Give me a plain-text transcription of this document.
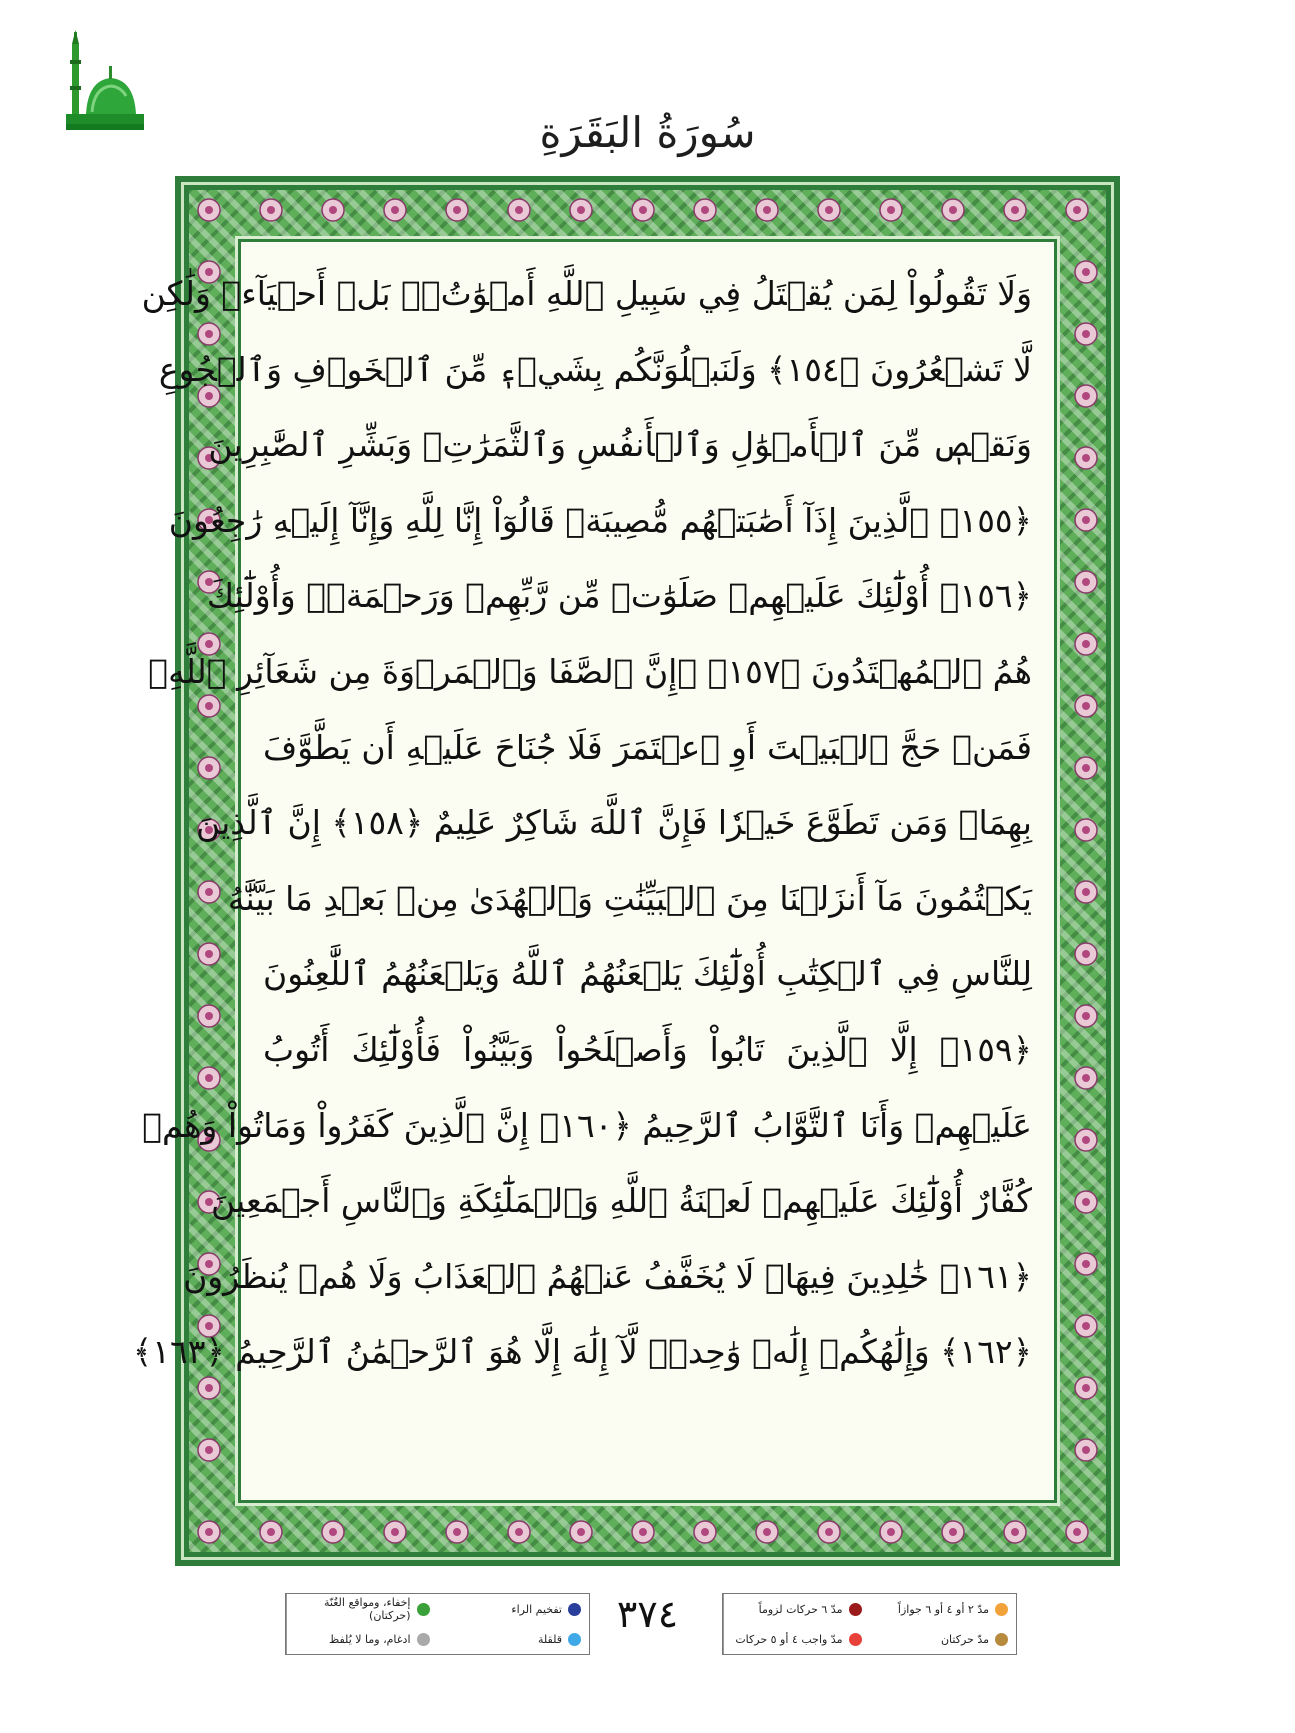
سُورَةُ البَقَرَةِ
وَلَا تَقُولُواْ لِمَن يُقۡتَلُ فِي سَبِيلِ ٱللَّهِ أَمۡوَٰتُۢۚ بَلۡ أَحۡيَآءٞ وَلَٰكِن
لَّا تَشۡعُرُونَ ﴿١٥٤﴾ وَلَنَبۡلُوَنَّكُم بِشَيۡءٖ مِّنَ ٱلۡخَوۡفِ وَٱلۡجُوعِ
وَنَقۡصٖ مِّنَ ٱلۡأَمۡوَٰلِ وَٱلۡأَنفُسِ وَٱلثَّمَرَٰتِۗ وَبَشِّرِ ٱلصَّٰبِرِينَ
﴿١٥٥﴾ ٱلَّذِينَ إِذَآ أَصَٰبَتۡهُم مُّصِيبَةٞ قَالُوٓاْ إِنَّا لِلَّهِ وَإِنَّآ إِلَيۡهِ رَٰجِعُونَ
﴿١٥٦﴾ أُوْلَٰٓئِكَ عَلَيۡهِمۡ صَلَوَٰتٞ مِّن رَّبِّهِمۡ وَرَحۡمَةٞۖ وَأُوْلَٰٓئِكَ
هُمُ ٱلۡمُهۡتَدُونَ ﴿١٥٧﴾ ۞إِنَّ ٱلصَّفَا وَٱلۡمَرۡوَةَ مِن شَعَآئِرِ ٱللَّهِۖ
فَمَنۡ حَجَّ ٱلۡبَيۡتَ أَوِ ٱعۡتَمَرَ فَلَا جُنَاحَ عَلَيۡهِ أَن يَطَّوَّفَ
بِهِمَاۚ وَمَن تَطَوَّعَ خَيۡرٗا فَإِنَّ ٱللَّهَ شَاكِرٌ عَلِيمٌ ﴿١٥٨﴾ إِنَّ ٱلَّذِينَ
يَكۡتُمُونَ مَآ أَنزَلۡنَا مِنَ ٱلۡبَيِّنَٰتِ وَٱلۡهُدَىٰ مِنۢ بَعۡدِ مَا بَيَّنَّٰهُ
لِلنَّاسِ فِي ٱلۡكِتَٰبِ أُوْلَٰٓئِكَ يَلۡعَنُهُمُ ٱللَّهُ وَيَلۡعَنُهُمُ ٱللَّٰعِنُونَ
﴿١٥٩﴾ إِلَّا ٱلَّذِينَ تَابُواْ وَأَصۡلَحُواْ وَبَيَّنُواْ فَأُوْلَٰٓئِكَ أَتُوبُ
عَلَيۡهِمۡ وَأَنَا ٱلتَّوَّابُ ٱلرَّحِيمُ ﴿١٦٠﴾ إِنَّ ٱلَّذِينَ كَفَرُواْ وَمَاتُواْ وَهُمۡ
كُفَّارٌ أُوْلَٰٓئِكَ عَلَيۡهِمۡ لَعۡنَةُ ٱللَّهِ وَٱلۡمَلَٰٓئِكَةِ وَٱلنَّاسِ أَجۡمَعِينَ
﴿١٦١﴾ خَٰلِدِينَ فِيهَاۖ لَا يُخَفَّفُ عَنۡهُمُ ٱلۡعَذَابُ وَلَا هُمۡ يُنظَرُونَ
﴿١٦٢﴾ وَإِلَٰهُكُمۡ إِلَٰهٞ وَٰحِدٞۖ لَّآ إِلَٰهَ إِلَّا هُوَ ٱلرَّحۡمَٰنُ ٱلرَّحِيمُ ﴿١٦٣﴾
إخفاء، ومواقع الغُنّة (حركتان)	تفخيم الراء
ادغام، وما لا يُلفظ	قلقلة
٣٧٤	مدّ ٦ حركات لزوماً	مدّ ٢ أو ٤ أو ٦ جوازاً
مدّ واجب ٤ أو ٥ حركات	مدّ حركتان
